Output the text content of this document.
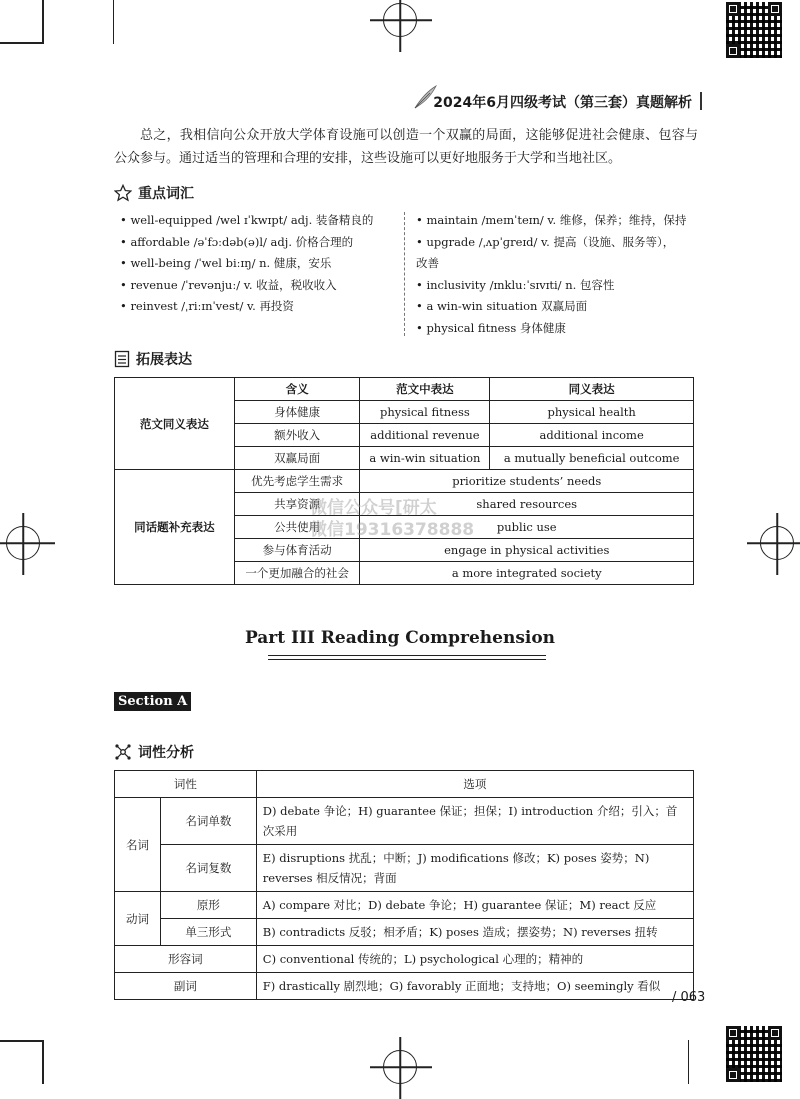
2024年6月四级考试（第三套）真题解析
总之，我相信向公众开放大学体育设施可以创造一个双赢的局面，这能够促进社会健康、包容与公众参与。通过适当的管理和合理的安排，这些设施可以更好地服务于大学和当地社区。
重点词汇
• well-equipped /wel ɪˈkwɪpt/ adj. 装备精良的
• affordable /əˈfɔːdəb(ə)l/ adj. 价格合理的
• well-being /ˈwel biːɪŋ/ n. 健康，安乐
• revenue /ˈrevənjuː/ v. 收益，税收收入
• reinvest /ˌriːɪnˈvest/ v. 再投资
• maintain /meɪnˈteɪn/ v. 维修，保养；维持，保持
• upgrade /ˌʌpˈɡreɪd/ v. 提高（设施、服务等），
改善
• inclusivity /ɪnkluːˈsɪvɪti/ n. 包容性
• a win-win situation 双赢局面
• physical fitness 身体健康
拓展表达
范文同义表达	含义	范文中表达	同义表达
	身体健康	physical fitness	physical health
	额外收入	additional revenue	additional income
	双赢局面	a win-win situation	a mutually beneficial outcome
同话题补充表达	优先考虑学生需求	prioritize students’ needs	
	共享资源	shared resources	
	公共使用	public use	
	参与体育活动	engage in physical activities	
	一个更加融合的社会	a more integrated society	
微信公众号[研太
微信19316378888
Part III Reading Comprehension
Section A
词性分析
词性		选项
名词	名词单数	D) debate 争论；H) guarantee 保证；担保；I) introduction 介绍；引入；首次采用
	名词复数	E) disruptions 扰乱；中断；J) modifications 修改；K) poses 姿势；N) reverses 相反情况；背面
动词	原形	A) compare 对比；D) debate 争论；H) guarantee 保证；M) react 反应
	单三形式	B) contradicts 反驳；相矛盾；K) poses 造成；摆姿势；N) reverses 扭转
形容词		C) conventional 传统的；L) psychological 心理的；精神的
副词		F) drastically 剧烈地；G) favorably 正面地；支持地；O) seemingly 看似
/ 063
